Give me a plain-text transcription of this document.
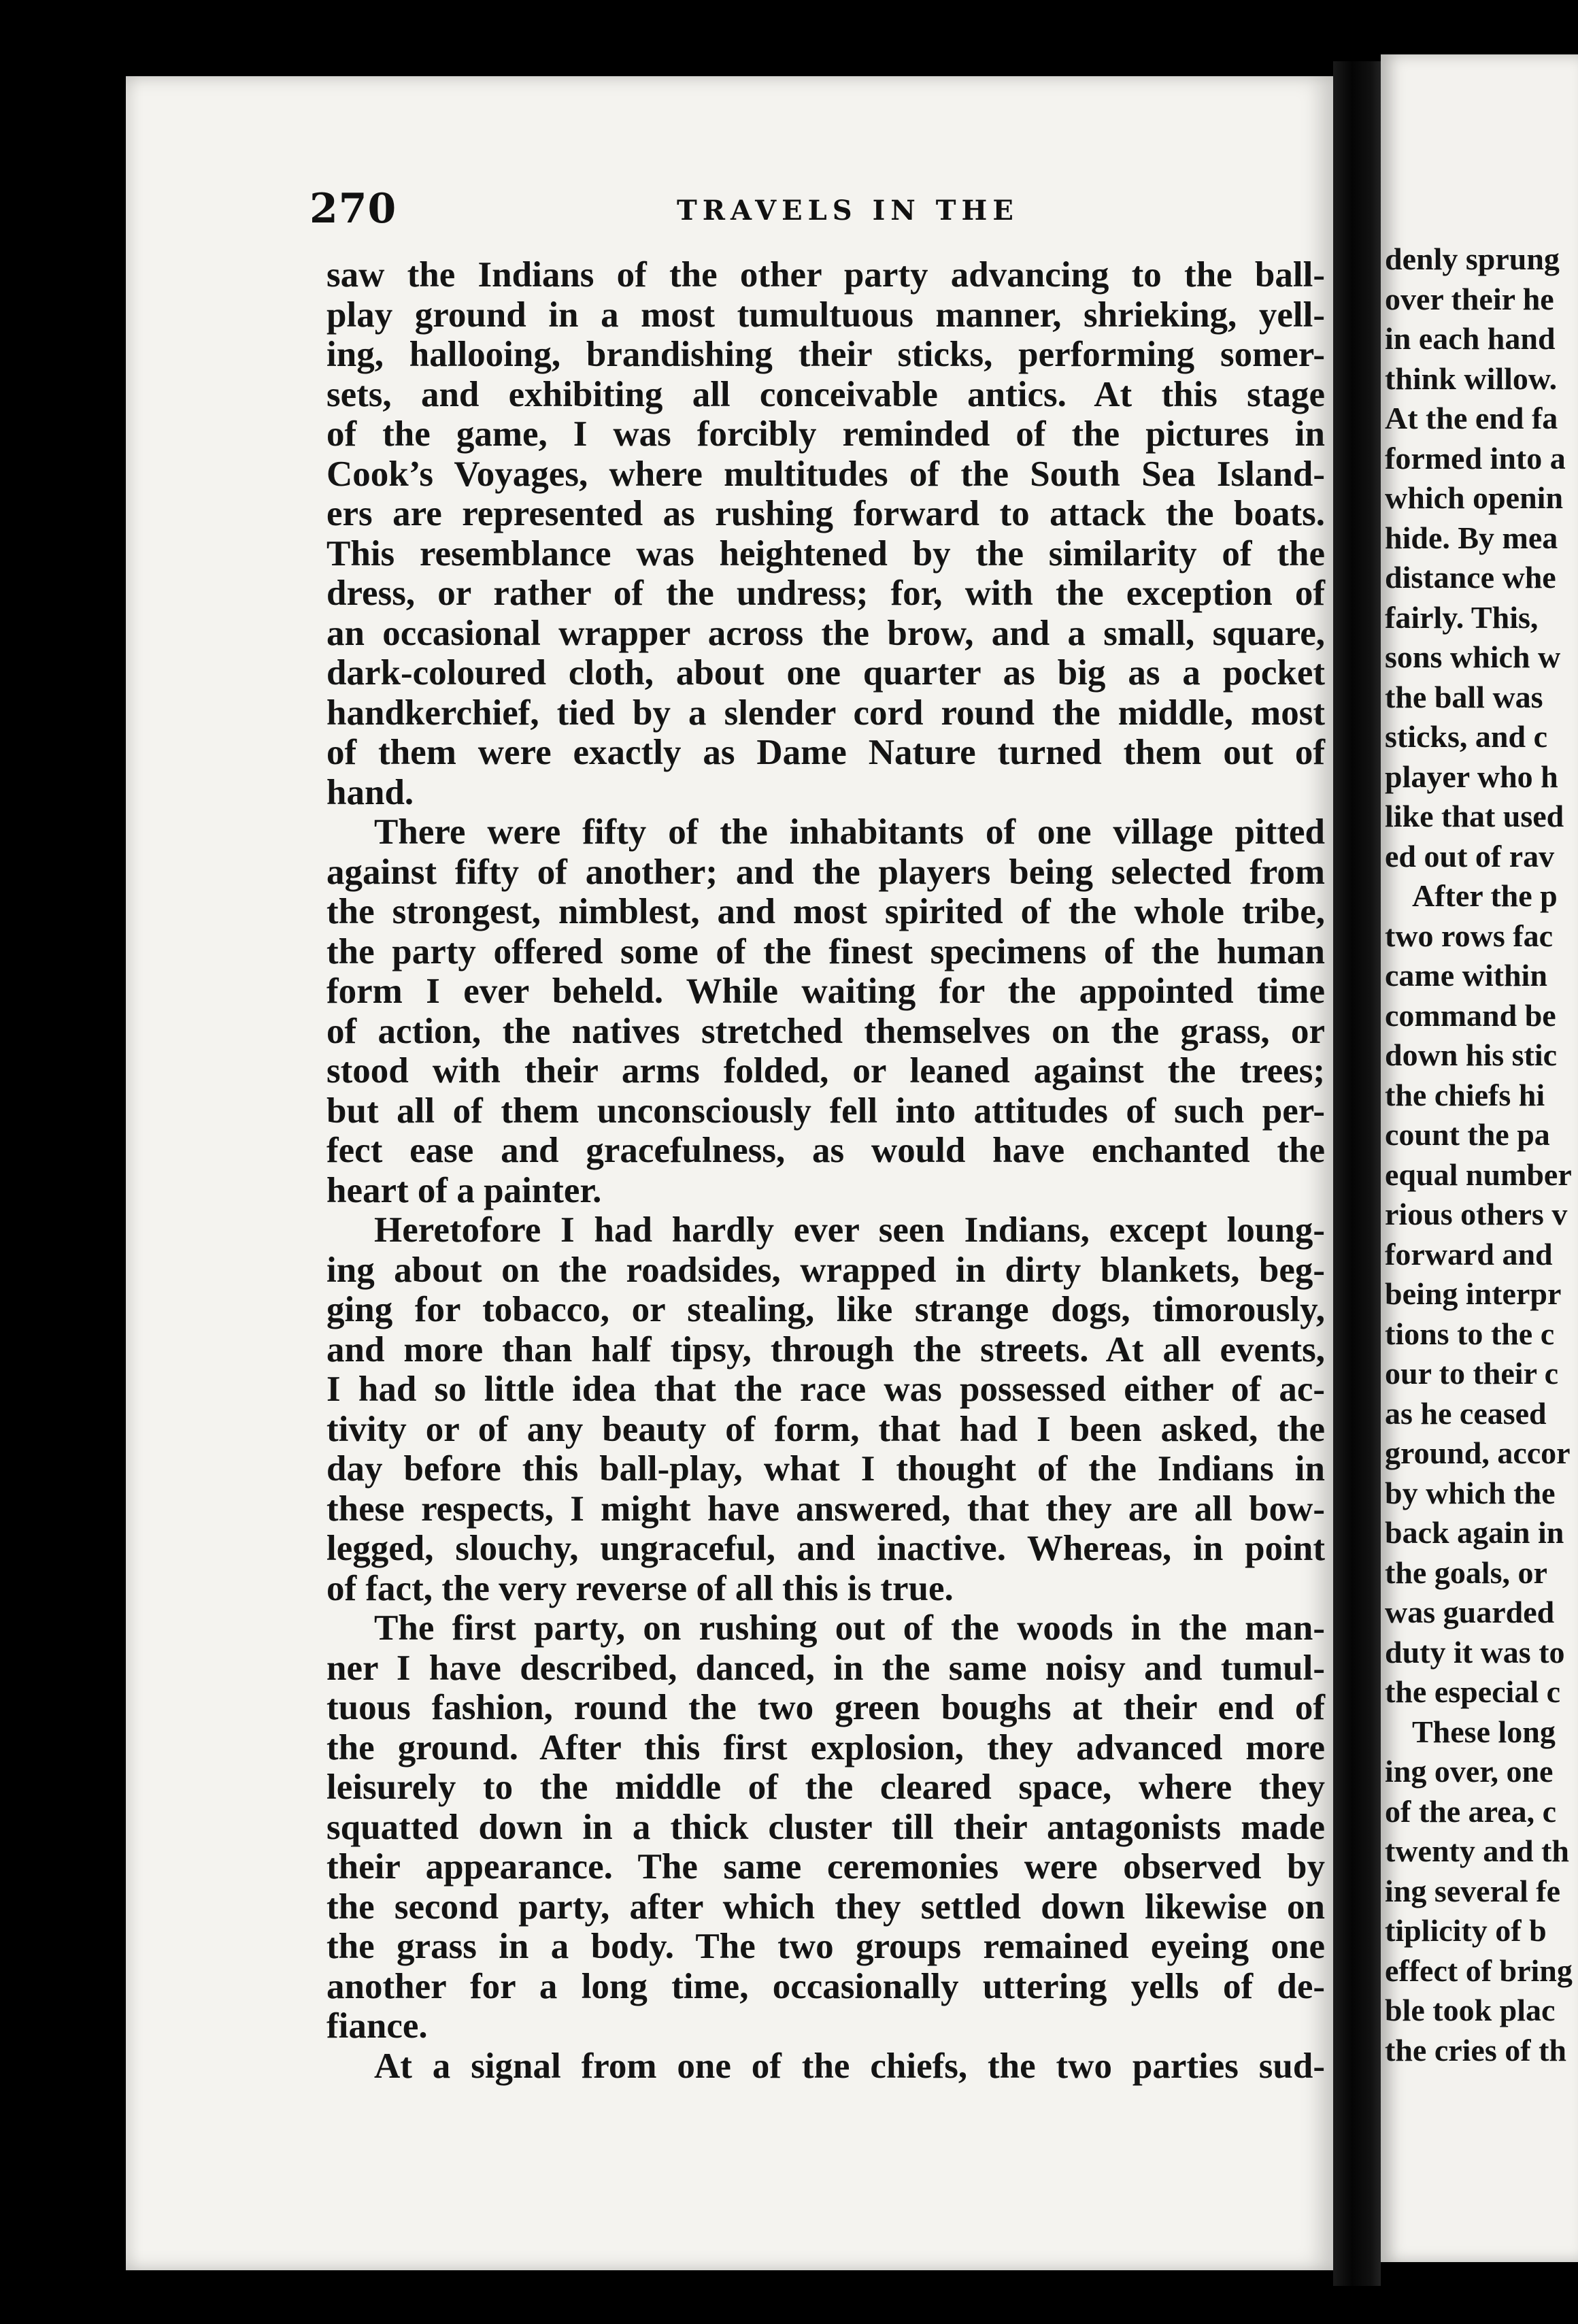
270	TRAVELS IN THE
saw the Indians of the other party advancing to the ball-
play ground in a most tumultuous manner, shrieking, yell-
ing, hallooing, brandishing their sticks, performing somer-
sets, and exhibiting all conceivable antics. At this stage
of the game, I was forcibly reminded of the pictures in
Cook’s Voyages, where multitudes of the South Sea Island-
ers are represented as rushing forward to attack the boats.
This resemblance was heightened by the similarity of the
dress, or rather of the undress; for, with the exception of
an occasional wrapper across the brow, and a small, square,
dark-coloured cloth, about one quarter as big as a pocket
handkerchief, tied by a slender cord round the middle, most
of them were exactly as Dame Nature turned them out of
hand.
There were fifty of the inhabitants of one village pitted
against fifty of another; and the players being selected from
the strongest, nimblest, and most spirited of the whole tribe,
the party offered some of the finest specimens of the human
form I ever beheld. While waiting for the appointed time
of action, the natives stretched themselves on the grass, or
stood with their arms folded, or leaned against the trees;
but all of them unconsciously fell into attitudes of such per-
fect ease and gracefulness, as would have enchanted the
heart of a painter.
Heretofore I had hardly ever seen Indians, except loung-
ing about on the roadsides, wrapped in dirty blankets, beg-
ging for tobacco, or stealing, like strange dogs, timorously,
and more than half tipsy, through the streets. At all events,
I had so little idea that the race was possessed either of ac-
tivity or of any beauty of form, that had I been asked, the
day before this ball-play, what I thought of the Indians in
these respects, I might have answered, that they are all bow-
legged, slouchy, ungraceful, and inactive. Whereas, in point
of fact, the very reverse of all this is true.
The first party, on rushing out of the woods in the man-
ner I have described, danced, in the same noisy and tumul-
tuous fashion, round the two green boughs at their end of
the ground. After this first explosion, they advanced more
leisurely to the middle of the cleared space, where they
squatted down in a thick cluster till their antagonists made
their appearance. The same ceremonies were observed by
the second party, after which they settled down likewise on
the grass in a body. The two groups remained eyeing one
another for a long time, occasionally uttering yells of de-
fiance.
At a signal from one of the chiefs, the two parties sud-
denly sprung
over their he
in each hand
think willow.
At the end fa
formed into a
which openin
hide. By mea
distance whe
fairly. This,
sons which w
the ball was
sticks, and c
player who h
like that used
ed out of rav
After the p
two rows fac
came within
command be
down his stic
the chiefs hi
count the pa
equal number
rious others v
forward and
being interpr
tions to the c
our to their c
as he ceased
ground, accor
by which the
back again in
the goals, or
was guarded
duty it was to
the especial c
These long
ing over, one
of the area, c
twenty and th
ing several fe
tiplicity of b
effect of bring
ble took plac
the cries of th
